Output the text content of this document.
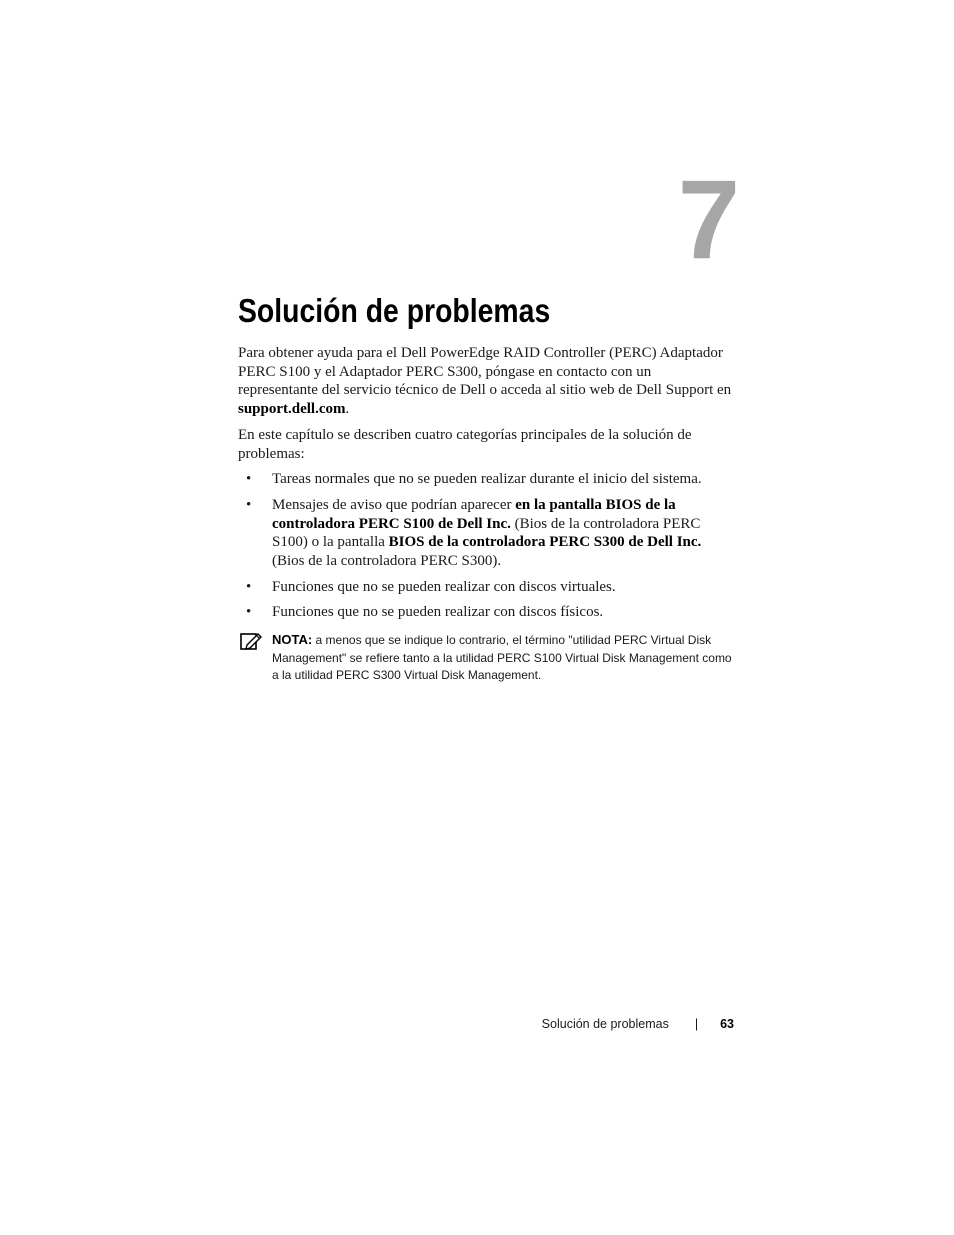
7
Solución de problemas

Para obtener ayuda para el Dell PowerEdge RAID Controller (PERC) Adaptador PERC S100 y el Adaptador PERC S300, póngase en contacto con un representante del servicio técnico de Dell o acceda al sitio web de Dell Support en support.dell.com.

En este capítulo se describen cuatro categorías principales de la solución de problemas:

• Tareas normales que no se pueden realizar durante el inicio del sistema.
• Mensajes de aviso que podrían aparecer en la pantalla BIOS de la controladora PERC S100 de Dell Inc. (Bios de la controladora PERC S100) o la pantalla BIOS de la controladora PERC S300 de Dell Inc. (Bios de la controladora PERC S300).
• Funciones que no se pueden realizar con discos virtuales.
• Funciones que no se pueden realizar con discos físicos.
NOTA: a menos que se indique lo contrario, el término "utilidad PERC Virtual Disk Management" se refiere tanto a la utilidad PERC S100 Virtual Disk Management como a la utilidad PERC S300 Virtual Disk Management.
Solución de problemas | 63
